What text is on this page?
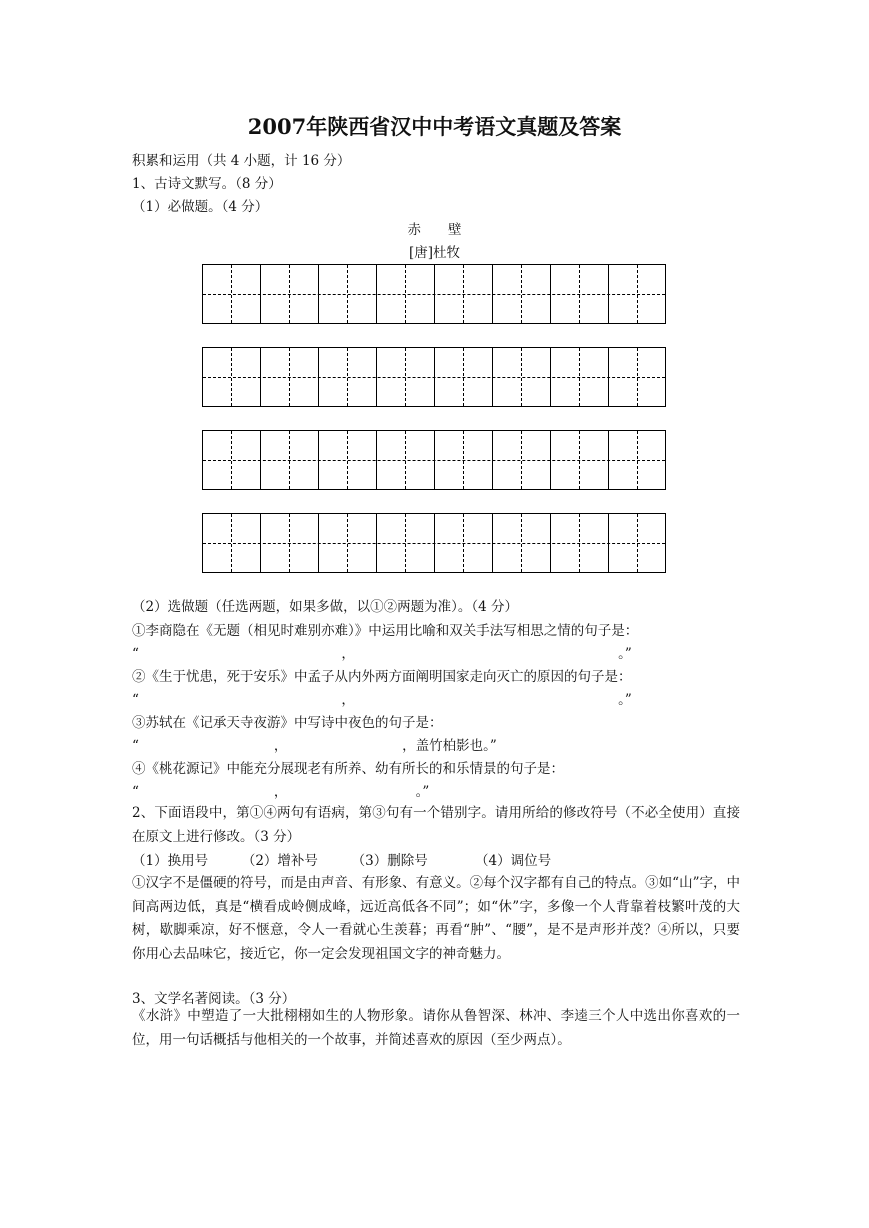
2007年陕西省汉中中考语文真题及答案
积累和运用（共 4 小题，计 16 分）
1、古诗文默写。（8 分）
（1）必做题。（4 分）
赤　　壁
[唐]杜牧
（2）选做题（任选两题，如果多做，以①②两题为准）。（4 分）
①李商隐在《无题（相见时难别亦难）》中运用比喻和双关手法写相思之情的句子是：
“　　　　　　　　　　　　　　　，　　　　　　　　　　　　　　　　　　　　。”
②《生于忧患，死于安乐》中孟子从内外两方面阐明国家走向灭亡的原因的句子是：
“　　　　　　　　　　　　　　　，　　　　　　　　　　　　　　　　　　　　。”
③苏轼在《记承天寺夜游》中写诗中夜色的句子是：
“　　　　　　　　　　，　　　　　　　　　，盖竹柏影也。”
④《桃花源记》中能充分展现老有所养、幼有所长的和乐情景的句子是：
“　　　　　　　　　　，　　　　　　　　　　。”
2、下面语段中，第①④两句有语病，第③句有一个错别字。请用所给的修改符号（不必全使用）直接在原文上进行修改。（3 分）
（1）换用号　　　（2）增补号　　　（3）删除号　　　　（4）调位号
①汉字不是僵硬的符号，而是由声音、有形象、有意义。②每个汉字都有自己的特点。③如“山”字，中间高两边低，真是“横看成岭侧成峰，远近高低各不同”；如“休”字，多像一个人背靠着枝繁叶茂的大树，歇脚乘凉，好不惬意，令人一看就心生羡暮；再看“肿”、“腰”，是不是声形并茂？④所以，只要你用心去品味它，接近它，你一定会发现祖国文字的神奇魅力。
3、文学名著阅读。（3 分）
《水浒》中塑造了一大批栩栩如生的人物形象。请你从鲁智深、林冲、李逵三个人中选出你喜欢的一位，用一句话概括与他相关的一个故事，并简述喜欢的原因（至少两点）。
